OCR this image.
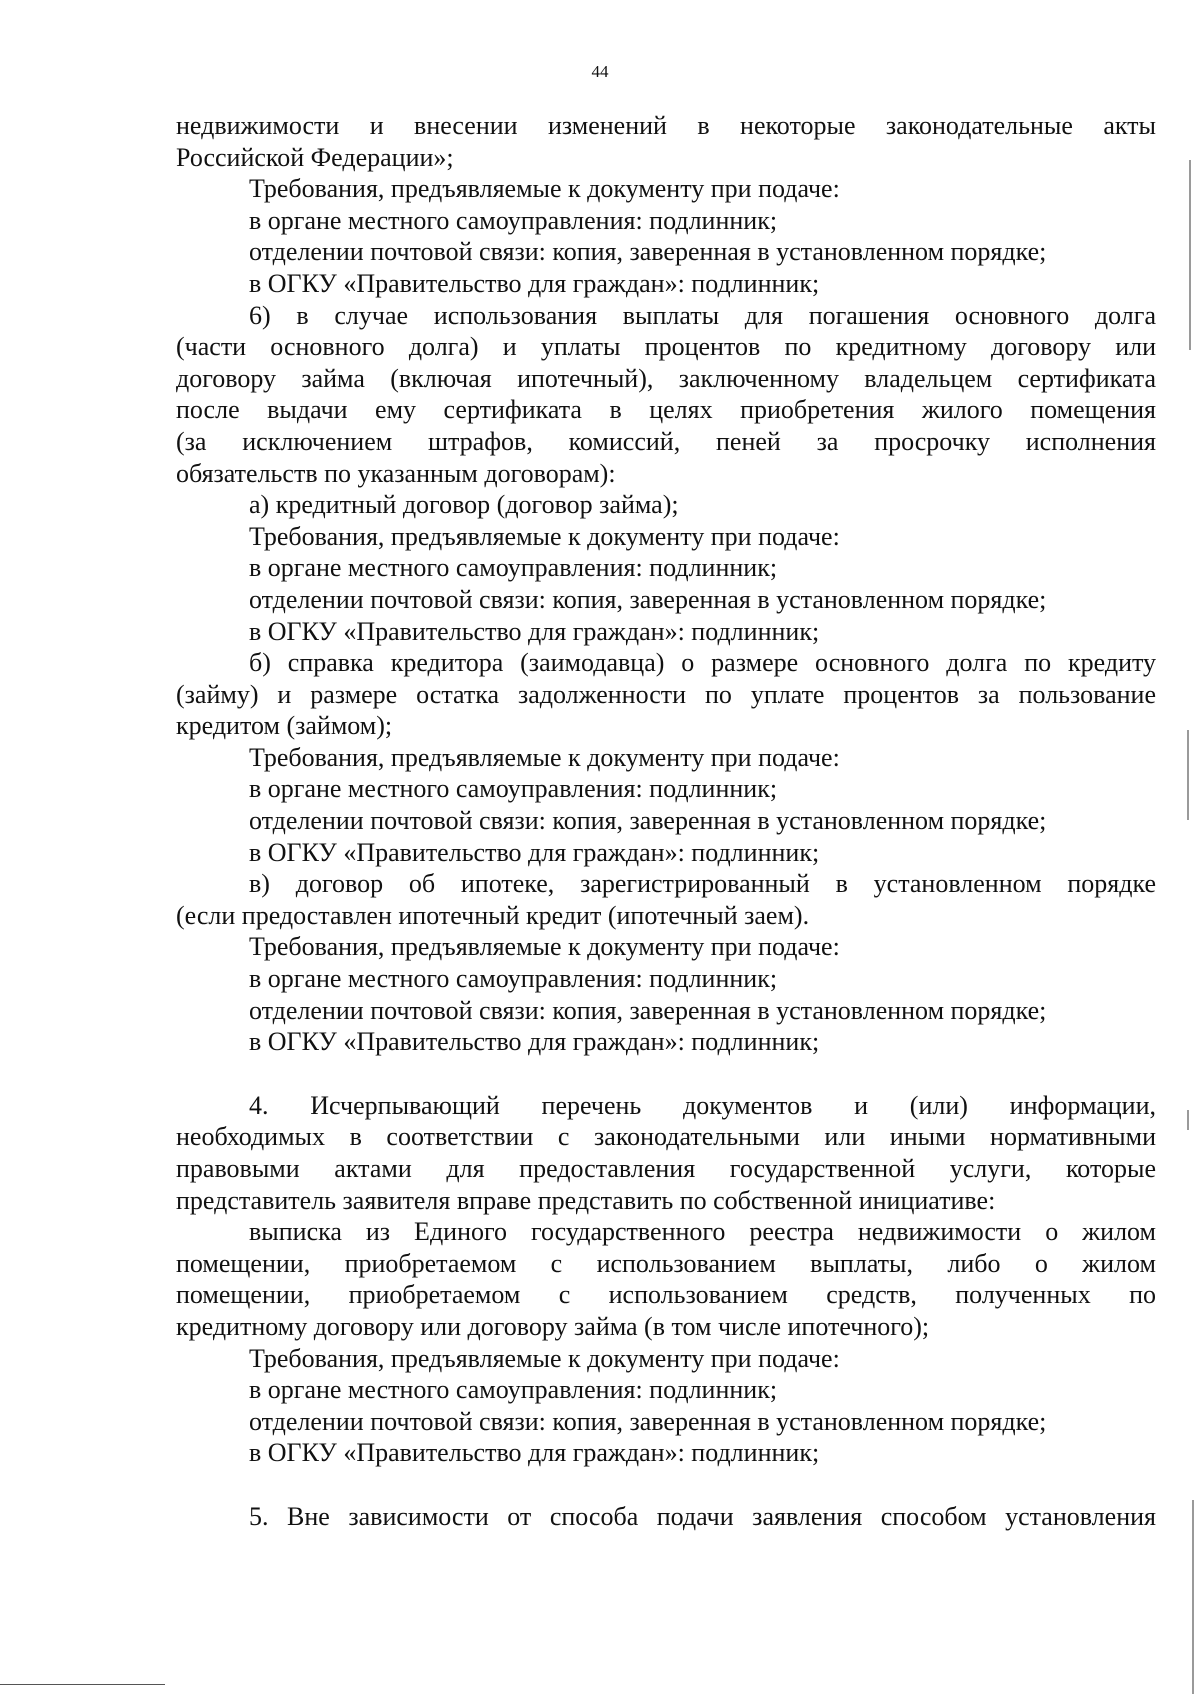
44

недвижимости и внесении изменений в некоторые законодательные акты

Российской Федерации»;

Требования, предъявляемые к документу при подаче:

в органе местного самоуправления: подлинник;

отделении почтовой связи: копия, заверенная в установленном порядке;

в ОГКУ «Правительство для граждан»: подлинник;

6) в случае использования выплаты для погашения основного долга

(части основного долга) и уплаты процентов по кредитному договору или

договору займа (включая ипотечный), заключенному владельцем сертификата

после выдачи ему сертификата в целях приобретения жилого помещения

(за исключением штрафов, комиссий, пеней за просрочку исполнения

обязательств по указанным договорам):

а) кредитный договор (договор займа);

Требования, предъявляемые к документу при подаче:

в органе местного самоуправления: подлинник;

отделении почтовой связи: копия, заверенная в установленном порядке;

в ОГКУ «Правительство для граждан»: подлинник;

б) справка кредитора (заимодавца) о размере основного долга по кредиту

(займу) и размере остатка задолженности по уплате процентов за пользование

кредитом (займом);

Требования, предъявляемые к документу при подаче:

в органе местного самоуправления: подлинник;

отделении почтовой связи: копия, заверенная в установленном порядке;

в ОГКУ «Правительство для граждан»: подлинник;

в) договор об ипотеке, зарегистрированный в установленном порядке

(если предоставлен ипотечный кредит (ипотечный заем).

Требования, предъявляемые к документу при подаче:

в органе местного самоуправления: подлинник;

отделении почтовой связи: копия, заверенная в установленном порядке;

в ОГКУ «Правительство для граждан»: подлинник;

4. Исчерпывающий перечень документов и (или) информации,

необходимых в соответствии с законодательными или иными нормативными

правовыми актами для предоставления государственной услуги, которые

представитель заявителя вправе представить по собственной инициативе:

выписка из Единого государственного реестра недвижимости о жилом

помещении, приобретаемом с использованием выплаты, либо о жилом

помещении, приобретаемом с использованием средств, полученных по

кредитному договору или договору займа (в том числе ипотечного);

Требования, предъявляемые к документу при подаче:

в органе местного самоуправления: подлинник;

отделении почтовой связи: копия, заверенная в установленном порядке;

в ОГКУ «Правительство для граждан»: подлинник;

5. Вне зависимости от способа подачи заявления способом установления
